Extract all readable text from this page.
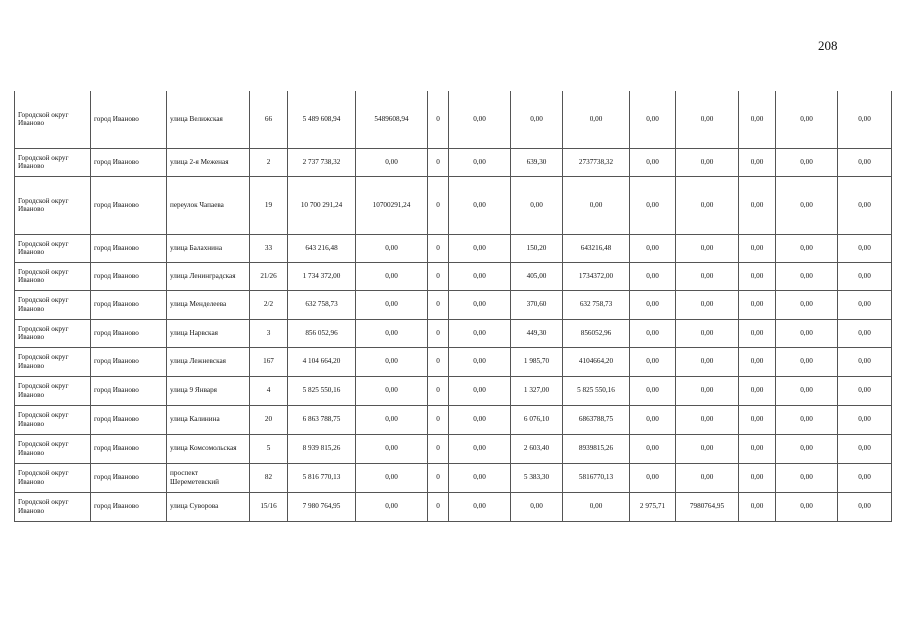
208
Городской округ Иваново	город Иваново	улица Велижская	66	5 489 608,94	5489608,94	0	0,00	0,00	0,00	0,00	0,00	0,00	0,00	0,00
Городской округ Иваново	город Иваново	улица 2-я Меженая	2	2 737 738,32	0,00	0	0,00	639,30	2737738,32	0,00	0,00	0,00	0,00	0,00
Городской округ Иваново	город Иваново	переулок Чапаева	19	10 700 291,24	10700291,24	0	0,00	0,00	0,00	0,00	0,00	0,00	0,00	0,00
Городской округ Иваново	город Иваново	улица Балахнина	33	643 216,48	0,00	0	0,00	150,20	643216,48	0,00	0,00	0,00	0,00	0,00
Городской округ Иваново	город Иваново	улица Ленинградская	21/26	1 734 372,00	0,00	0	0,00	405,00	1734372,00	0,00	0,00	0,00	0,00	0,00
Городской округ Иваново	город Иваново	улица Менделеева	2/2	632 758,73	0,00	0	0,00	370,60	632 758,73	0,00	0,00	0,00	0,00	0,00
Городской округ Иваново	город Иваново	улица Нарвская	3	856 052,96	0,00	0	0,00	449,30	856052,96	0,00	0,00	0,00	0,00	0,00
Городской округ Иваново	город Иваново	улица Лежневская	167	4 104 664,20	0,00	0	0,00	1 985,70	4104664,20	0,00	0,00	0,00	0,00	0,00
Городской округ Иваново	город Иваново	улица 9 Января	4	5 825 550,16	0,00	0	0,00	1 327,00	5 825 550,16	0,00	0,00	0,00	0,00	0,00
Городской округ Иваново	город Иваново	улица Калинина	20	6 863 788,75	0,00	0	0,00	6 076,10	6863788,75	0,00	0,00	0,00	0,00	0,00
Городской округ Иваново	город Иваново	улица Комсомольская	5	8 939 815,26	0,00	0	0,00	2 603,40	8939815,26	0,00	0,00	0,00	0,00	0,00
Городской округ Иваново	город Иваново	проспект Шереметевский	82	5 816 770,13	0,00	0	0,00	5 383,30	5816770,13	0,00	0,00	0,00	0,00	0,00
Городской округ Иваново	город Иваново	улица Суворова	15/16	7 980 764,95	0,00	0	0,00	0,00	0,00	2 975,71	7980764,95	0,00	0,00	0,00
